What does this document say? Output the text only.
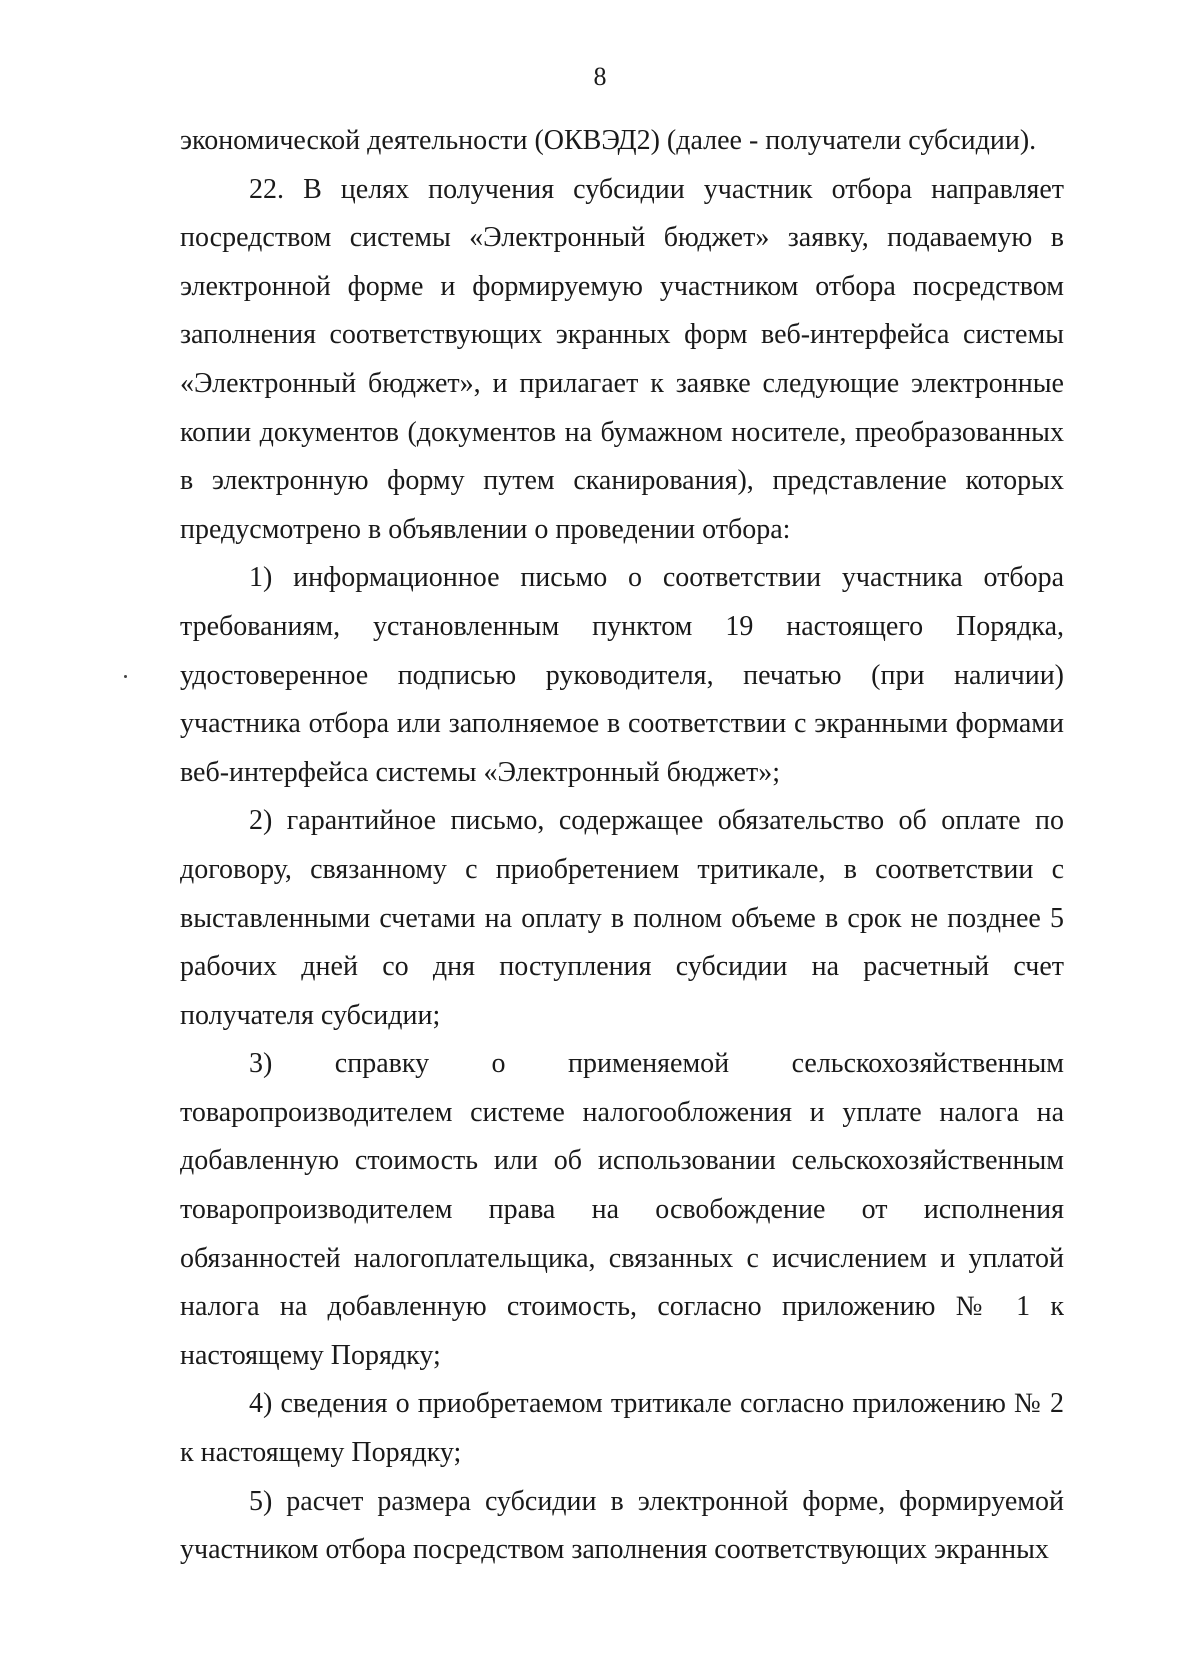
8

экономической деятельности (ОКВЭД2) (далее - получатели субсидии).

22. В целях получения субсидии участник отбора направляет посредством системы «Электронный бюджет» заявку, подаваемую в электронной форме и формируемую участником отбора посредством заполнения соответствующих экранных форм веб-интерфейса системы «Электронный бюджет», и прилагает к заявке следующие электронные копии документов (документов на бумажном носителе, преобразованных в электронную форму путем сканирования), представление которых предусмотрено в объявлении о проведении отбора:

1) информационное письмо о соответствии участника отбора требованиям, установленным пунктом 19 настоящего Порядка, удостоверенное подписью руководителя, печатью (при наличии) участника отбора или заполняемое в соответствии с экранными формами веб-интерфейса системы «Электронный бюджет»;

2) гарантийное письмо, содержащее обязательство об оплате по договору, связанному с приобретением тритикале, в соответствии с выставленными счетами на оплату в полном объеме в срок не позднее 5 рабочих дней со дня поступления субсидии на расчетный счет получателя субсидии;

3) справку о применяемой сельскохозяйственным товаропроизводителем системе налогообложения и уплате налога на добавленную стоимость или об использовании сельскохозяйственным товаропроизводителем права на освобождение от исполнения обязанностей налогоплательщика, связанных с исчислением и уплатой налога на добавленную стоимость, согласно приложению № 1 к настоящему Порядку;

4) сведения о приобретаемом тритикале согласно приложению № 2 к настоящему Порядку;

5) расчет размера субсидии в электронной форме, формируемой участником отбора посредством заполнения соответствующих экранных
